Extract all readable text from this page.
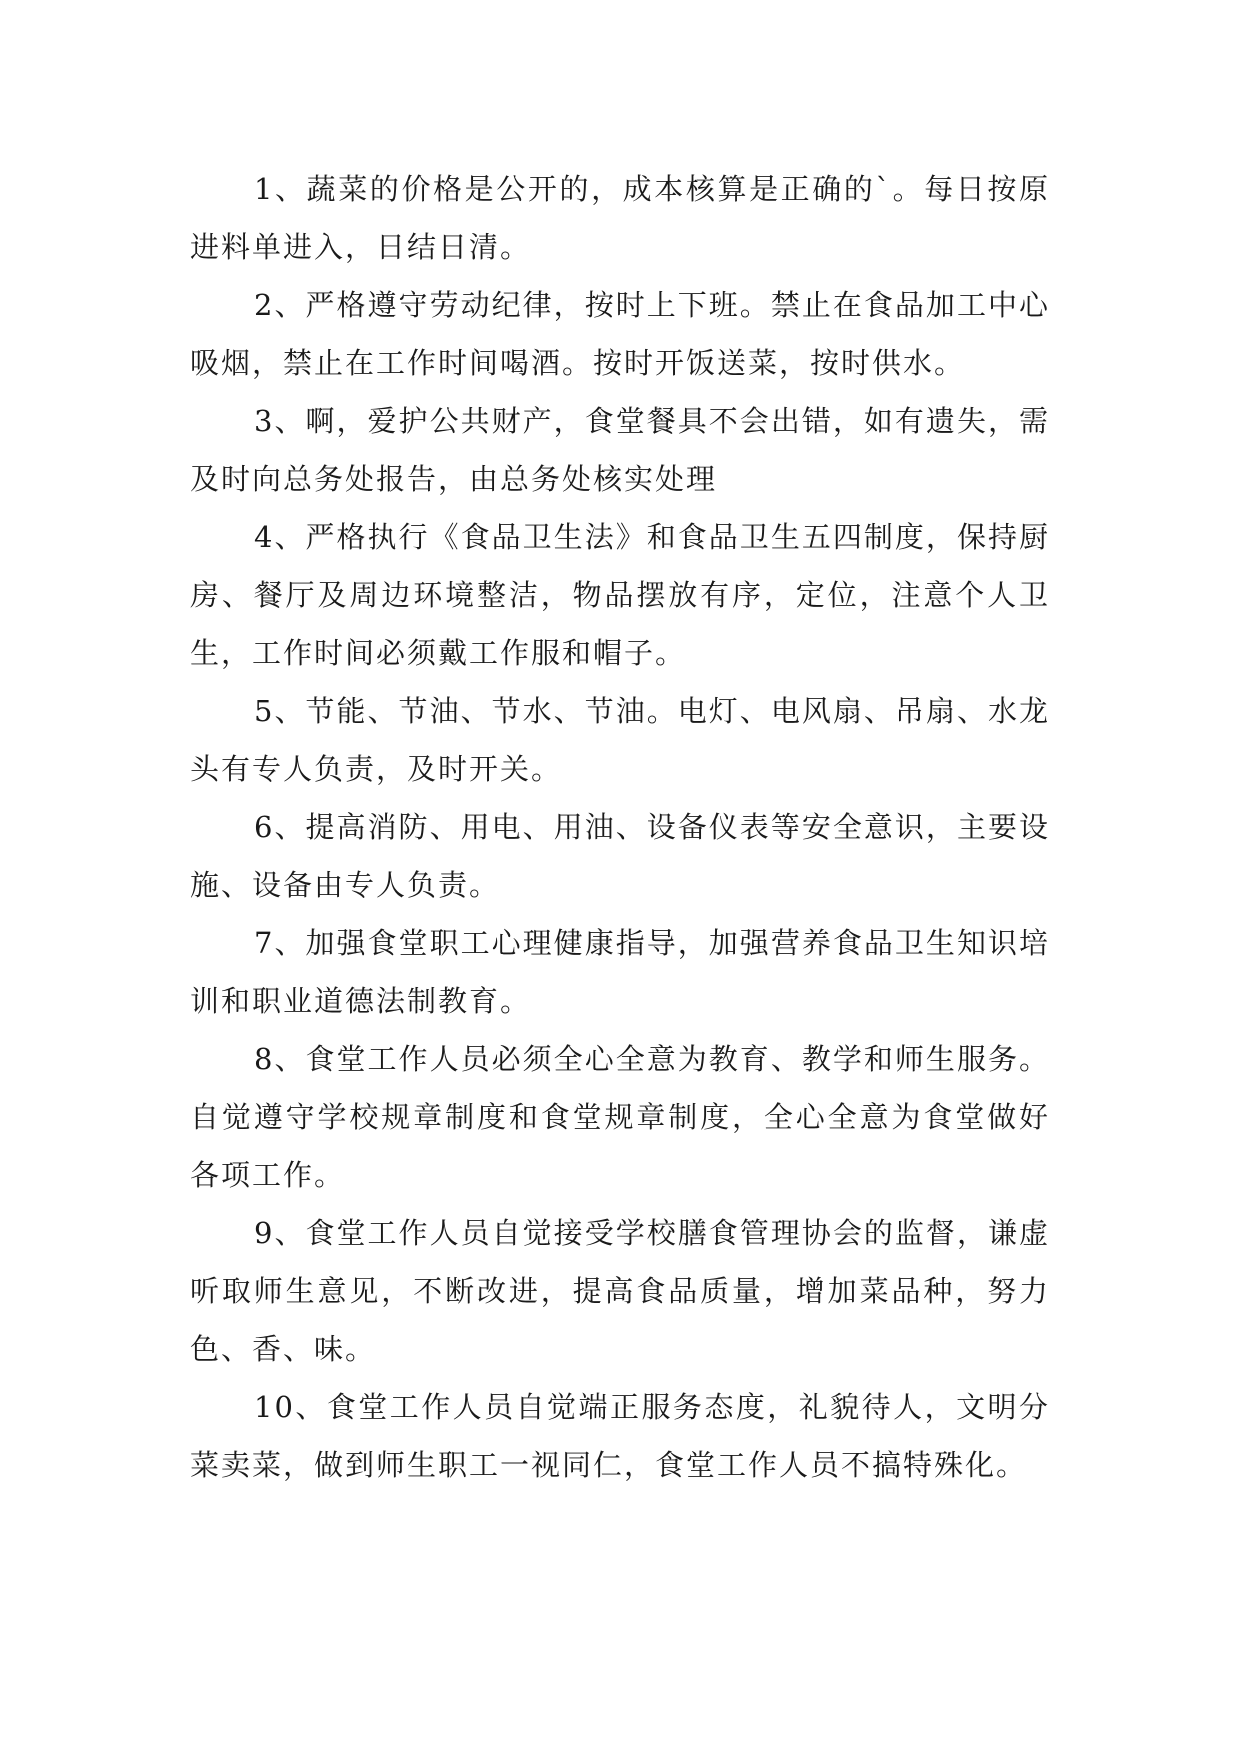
1、蔬菜的价格是公开的，成本核算是正确的`。每日按原进料单进入，日结日清。

2、严格遵守劳动纪律，按时上下班。禁止在食品加工中心吸烟，禁止在工作时间喝酒。按时开饭送菜，按时供水。

3、啊，爱护公共财产，食堂餐具不会出错，如有遗失，需及时向总务处报告，由总务处核实处理

4、严格执行《食品卫生法》和食品卫生五四制度，保持厨房、餐厅及周边环境整洁，物品摆放有序，定位，注意个人卫生，工作时间必须戴工作服和帽子。

5、节能、节油、节水、节油。电灯、电风扇、吊扇、水龙头有专人负责，及时开关。

6、提高消防、用电、用油、设备仪表等安全意识，主要设施、设备由专人负责。

7、加强食堂职工心理健康指导，加强营养食品卫生知识培训和职业道德法制教育。

8、食堂工作人员必须全心全意为教育、教学和师生服务。自觉遵守学校规章制度和食堂规章制度，全心全意为食堂做好各项工作。

9、食堂工作人员自觉接受学校膳食管理协会的监督，谦虚听取师生意见，不断改进，提高食品质量，增加菜品种，努力色、香、味。

10、食堂工作人员自觉端正服务态度，礼貌待人，文明分菜卖菜，做到师生职工一视同仁，食堂工作人员不搞特殊化。
